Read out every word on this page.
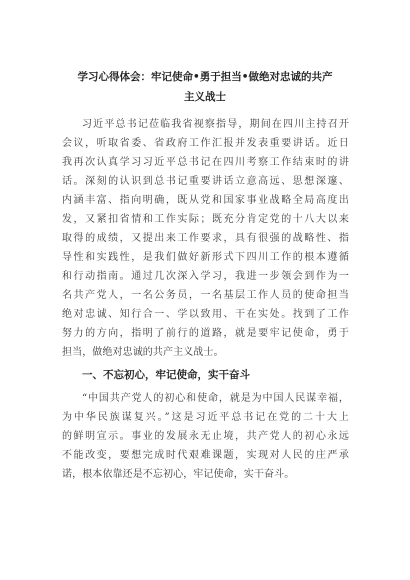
学习心得体会：牢记使命•勇于担当•做绝对忠诚的共产
主义战士
习近平总书记莅临我省视察指导，期间在四川主持召开
会议，听取省委、省政府工作汇报并发表重要讲话。近日
我再次认真学习习近平总书记在四川考察工作结束时的讲
话。深刻的认识到总书记重要讲话立意高远、思想深邃、
内涵丰富、指向明确，既从党和国家事业战略全局高度出
发，又紧扣省情和工作实际；既充分肯定党的十八大以来
取得的成绩，又提出来工作要求，具有很强的战略性、指
导性和实践性，是我们做好新形式下四川工作的根本遵循
和行动指南。通过几次深入学习，我进一步领会到作为一
名共产党人，一名公务员，一名基层工作人员的使命担当
绝对忠诚、知行合一、学以致用、干在实处。找到了工作
努力的方向，指明了前行的道路，就是要牢记使命，勇于
担当，做绝对忠诚的共产主义战士。
一、不忘初心，牢记使命，实干奋斗
“中国共产党人的初心和使命，就是为中国人民谋幸福，
为中华民族谋复兴。”这是习近平总书记在党的二十大上
的鲜明宣示。事业的发展永无止境，共产党人的初心永远
不能改变，要想完成时代艰难课题，实现对人民的庄严承
诺，根本依靠还是不忘初心，牢记使命，实干奋斗。
